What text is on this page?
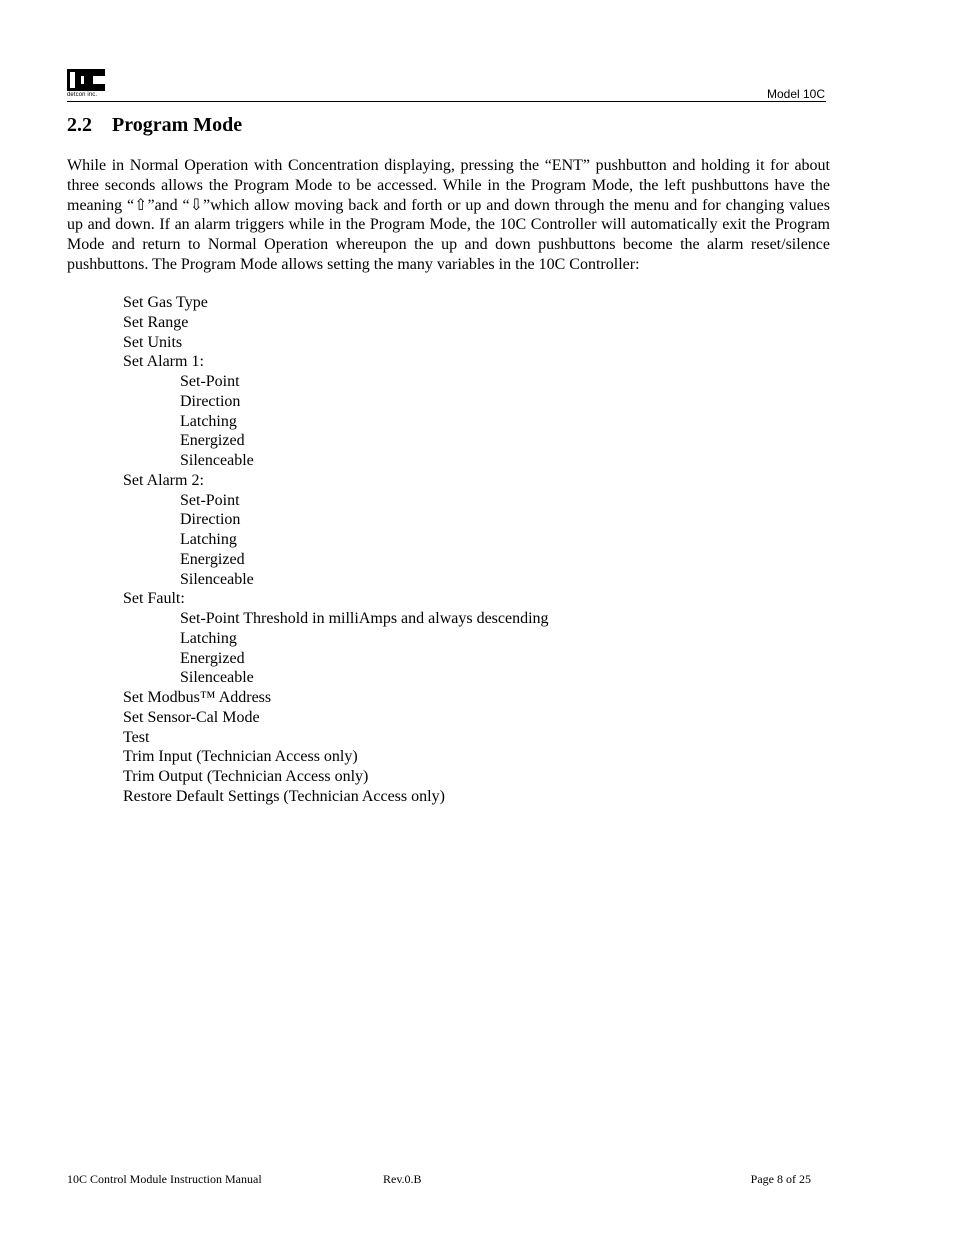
detcon inc.	Model 10C
2.2 Program Mode

While in Normal Operation with Concentration displaying, pressing the “ENT” pushbutton and holding it for about three seconds allows the Program Mode to be accessed. While in the Program Mode, the left pushbuttons have the meaning “⇧”and “⇩”which allow moving back and forth or up and down through the menu and for changing values up and down. If an alarm triggers while in the Program Mode, the 10C Controller will automatically exit the Program Mode and return to Normal Operation whereupon the up and down pushbuttons become the alarm reset/silence pushbuttons. The Program Mode allows setting the many variables in the 10C Controller:

Set Gas Type
Set Range
Set Units
Set Alarm 1:
Set-Point
Direction
Latching
Energized
Silenceable
Set Alarm 2:
Set-Point
Direction
Latching
Energized
Silenceable
Set Fault:
Set-Point Threshold in milliAmps and always descending
Latching
Energized
Silenceable
Set Modbus™ Address
Set Sensor-Cal Mode
Test
Trim Input (Technician Access only)
Trim Output (Technician Access only)
Restore Default Settings (Technician Access only)
10C Control Module Instruction Manual	Rev.0.B	Page 8 of 25
